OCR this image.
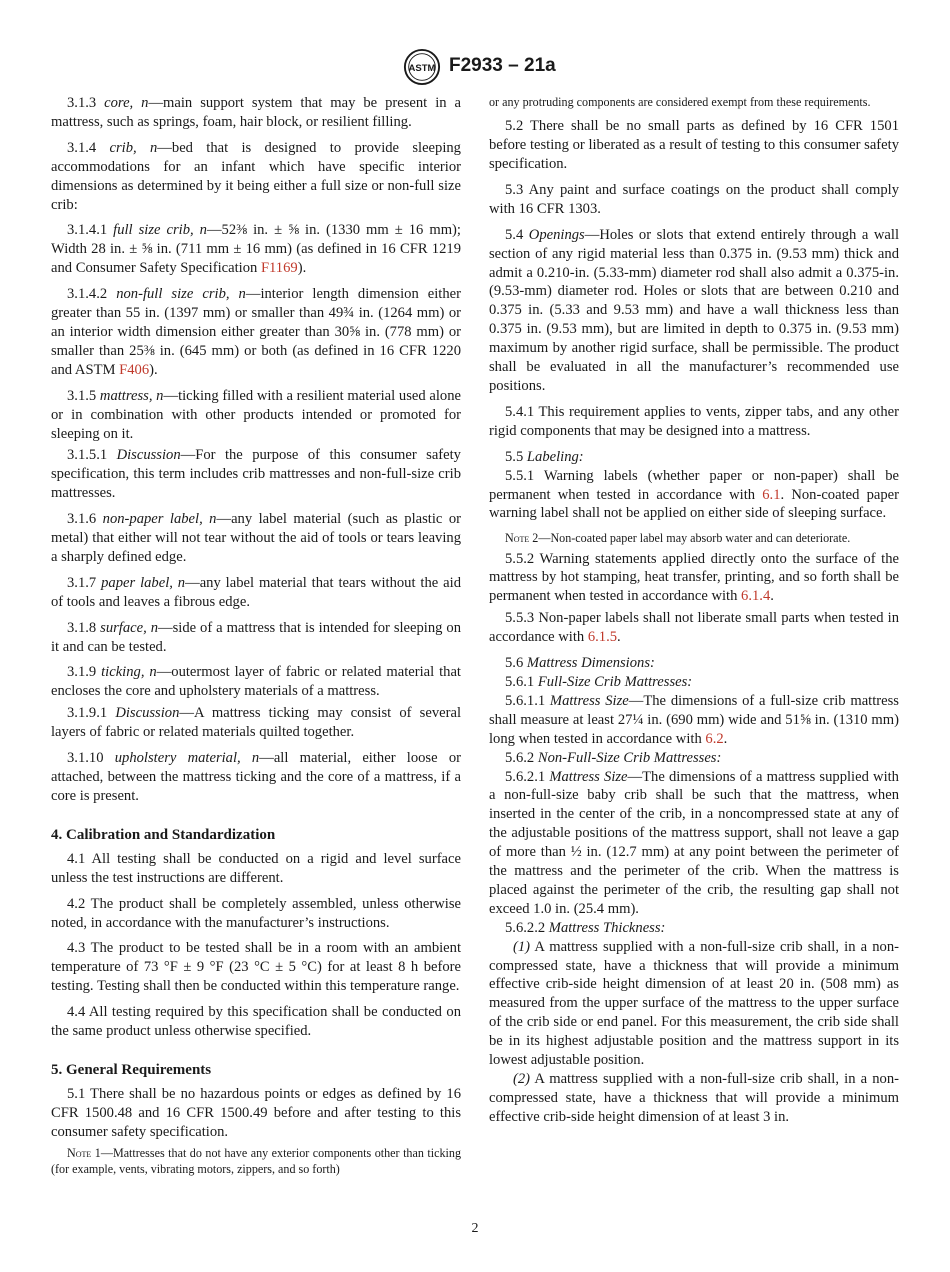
ASTM F2933 – 21a

3.1.3 core, n—main support system that may be present in a mattress, such as springs, foam, hair block, or resilient filling.

3.1.4 crib, n—bed that is designed to provide sleeping accommodations for an infant which have specific interior dimensions as determined by it being either a full size or non-full size crib:

3.1.4.1 full size crib, n—52⅜ in. ± ⅝ in. (1330 mm ± 16 mm); Width 28 in. ± ⅝ in. (711 mm ± 16 mm) (as defined in 16 CFR 1219 and Consumer Safety Specification F1169).

3.1.4.2 non-full size crib, n—interior length dimension either greater than 55 in. (1397 mm) or smaller than 49¾ in. (1264 mm) or an interior width dimension either greater than 30⅝ in. (778 mm) or smaller than 25⅜ in. (645 mm) or both (as defined in 16 CFR 1220 and ASTM F406).

3.1.5 mattress, n—ticking filled with a resilient material used alone or in combination with other products intended or promoted for sleeping on it.

3.1.5.1 Discussion—For the purpose of this consumer safety specification, this term includes crib mattresses and non-full-size crib mattresses.

3.1.6 non-paper label, n—any label material (such as plastic or metal) that either will not tear without the aid of tools or tears leaving a sharply defined edge.

3.1.7 paper label, n—any label material that tears without the aid of tools and leaves a fibrous edge.

3.1.8 surface, n—side of a mattress that is intended for sleeping on it and can be tested.

3.1.9 ticking, n—outermost layer of fabric or related material that encloses the core and upholstery materials of a mattress.

3.1.9.1 Discussion—A mattress ticking may consist of several layers of fabric or related materials quilted together.

3.1.10 upholstery material, n—all material, either loose or attached, between the mattress ticking and the core of a mattress, if a core is present.

4. Calibration and Standardization

4.1 All testing shall be conducted on a rigid and level surface unless the test instructions are different.

4.2 The product shall be completely assembled, unless otherwise noted, in accordance with the manufacturer’s instructions.

4.3 The product to be tested shall be in a room with an ambient temperature of 73 °F ± 9 °F (23 °C ± 5 °C) for at least 8 h before testing. Testing shall then be conducted within this temperature range.

4.4 All testing required by this specification shall be conducted on the same product unless otherwise specified.

5. General Requirements

5.1 There shall be no hazardous points or edges as defined by 16 CFR 1500.48 and 16 CFR 1500.49 before and after testing to this consumer safety specification.

Note 1—Mattresses that do not have any exterior components other than ticking (for example, vents, vibrating motors, zippers, and so forth)

or any protruding components are considered exempt from these requirements.

5.2 There shall be no small parts as defined by 16 CFR 1501 before testing or liberated as a result of testing to this consumer safety specification.

5.3 Any paint and surface coatings on the product shall comply with 16 CFR 1303.

5.4 Openings—Holes or slots that extend entirely through a wall section of any rigid material less than 0.375 in. (9.53 mm) thick and admit a 0.210-in. (5.33-mm) diameter rod shall also admit a 0.375-in. (9.53-mm) diameter rod. Holes or slots that are between 0.210 and 0.375 in. (5.33 and 9.53 mm) and have a wall thickness less than 0.375 in. (9.53 mm), but are limited in depth to 0.375 in. (9.53 mm) maximum by another rigid surface, shall be permissible. The product shall be evaluated in all the manufacturer’s recommended use positions.

5.4.1 This requirement applies to vents, zipper tabs, and any other rigid components that may be designed into a mattress.

5.5 Labeling:

5.5.1 Warning labels (whether paper or non-paper) shall be permanent when tested in accordance with 6.1. Non-coated paper warning label shall not be applied on either side of sleeping surface.

Note 2—Non-coated paper label may absorb water and can deteriorate.

5.5.2 Warning statements applied directly onto the surface of the mattress by hot stamping, heat transfer, printing, and so forth shall be permanent when tested in accordance with 6.1.4.

5.5.3 Non-paper labels shall not liberate small parts when tested in accordance with 6.1.5.

5.6 Mattress Dimensions:

5.6.1 Full-Size Crib Mattresses:

5.6.1.1 Mattress Size—The dimensions of a full-size crib mattress shall measure at least 27¼ in. (690 mm) wide and 51⅝ in. (1310 mm) long when tested in accordance with 6.2.

5.6.2 Non-Full-Size Crib Mattresses:

5.6.2.1 Mattress Size—The dimensions of a mattress supplied with a non-full-size baby crib shall be such that the mattress, when inserted in the center of the crib, in a noncompressed state at any of the adjustable positions of the mattress support, shall not leave a gap of more than ½ in. (12.7 mm) at any point between the perimeter of the mattress and the perimeter of the crib. When the mattress is placed against the perimeter of the crib, the resulting gap shall not exceed 1.0 in. (25.4 mm).

5.6.2.2 Mattress Thickness:

(1) A mattress supplied with a non-full-size crib shall, in a non-compressed state, have a thickness that will provide a minimum effective crib-side height dimension of at least 20 in. (508 mm) as measured from the upper surface of the mattress to the upper surface of the crib side or end panel. For this measurement, the crib side shall be in its highest adjustable position and the mattress support in its lowest adjustable position.

(2) A mattress supplied with a non-full-size crib shall, in a non-compressed state, have a thickness that will provide a minimum effective crib-side height dimension of at least 3 in.

2
